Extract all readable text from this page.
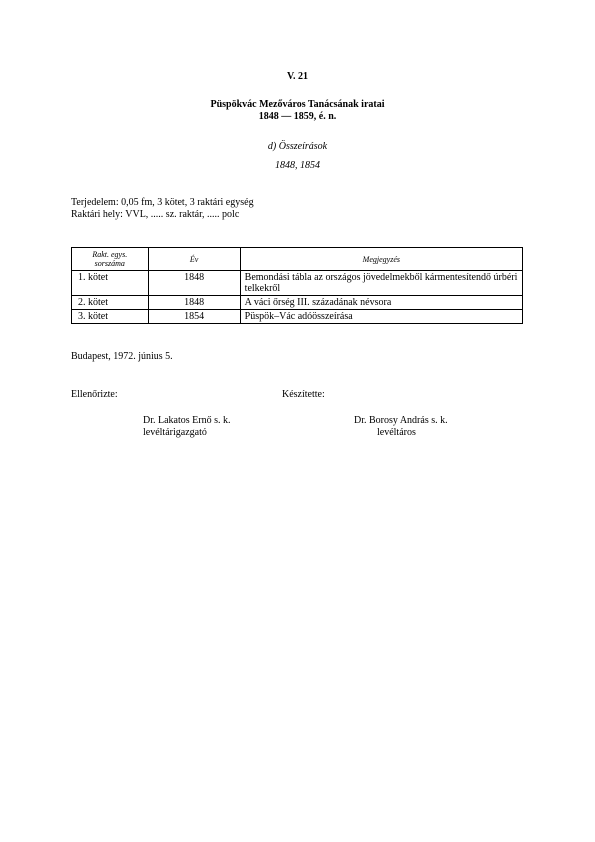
V. 21
Püspökvác Mezőváros Tanácsának iratai
1848 — 1859, é. n.
d) Összeírások
1848, 1854
Terjedelem: 0,05 fm, 3 kötet, 3 raktári egység
Raktári hely: VVL, ..... sz. raktár, ..... polc
Rakt. egys.
sorszáma	Év	Megjegyzés
1. kötet	1848	Bemondási tábla az országos jövedelmekből kármentesítendő úrbéri telkekről
2. kötet	1848	A váci őrség III. századának névsora
3. kötet	1854	Püspök–Vác adóösszeírása
Budapest, 1972. június 5.
Ellenőrizte:	Készítette:
Dr. Lakatos Ernő s. k.
levéltárigazgató
Dr. Borosy András s. k.
levéltáros
